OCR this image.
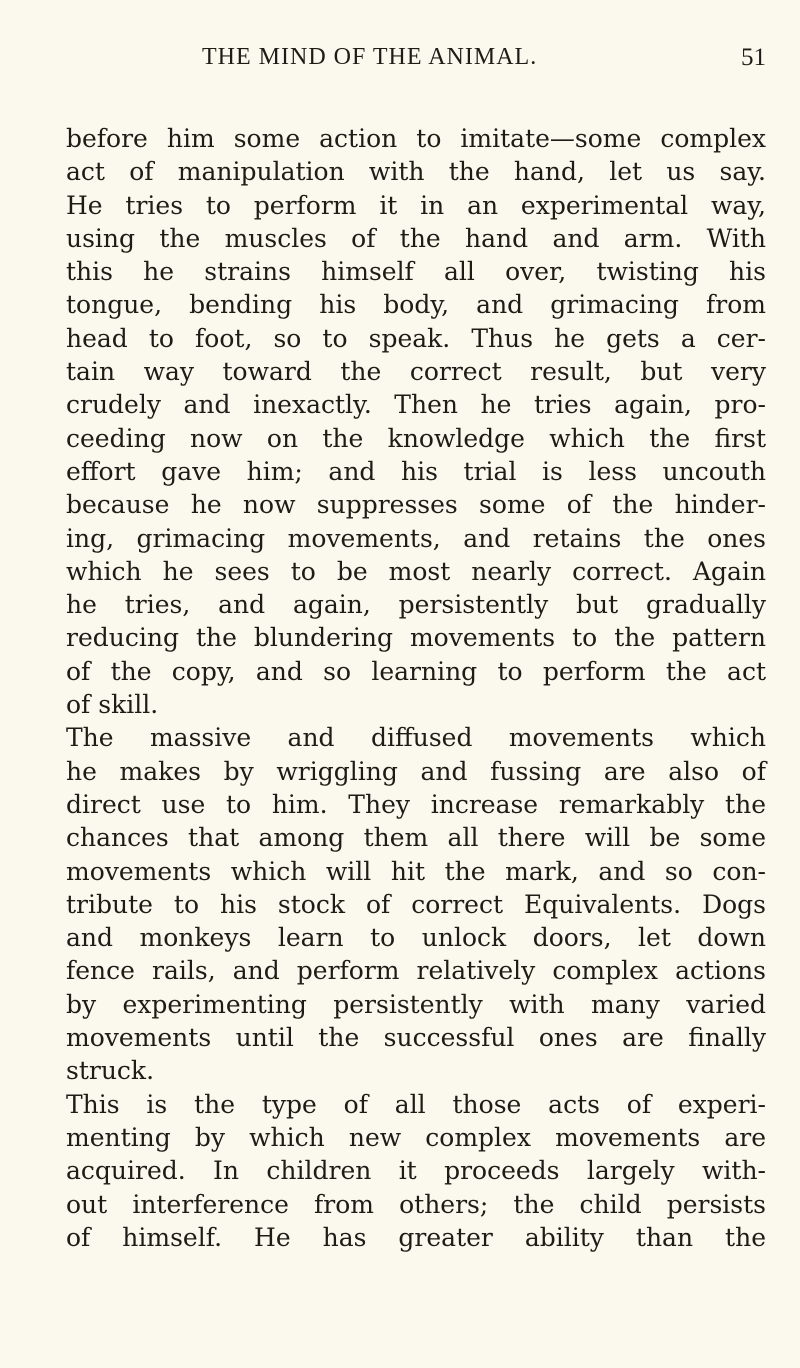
THE MIND OF THE ANIMAL.	51
before him some action to imitate—some complex
act of manipulation with the hand, let us say.
He tries to perform it in an experimental way,
using the muscles of the hand and arm. With
this he strains himself all over, twisting his
tongue, bending his body, and grimacing from
head to foot, so to speak. Thus he gets a cer-
tain way toward the correct result, but very
crudely and inexactly. Then he tries again, pro-
ceeding now on the knowledge which the first
effort gave him; and his trial is less uncouth
because he now suppresses some of the hinder-
ing, grimacing movements, and retains the ones
which he sees to be most nearly correct. Again
he tries, and again, persistently but gradually
reducing the blundering movements to the pattern
of the copy, and so learning to perform the act
of skill.
The massive and diffused movements which
he makes by wriggling and fussing are also of
direct use to him. They increase remarkably the
chances that among them all there will be some
movements which will hit the mark, and so con-
tribute to his stock of correct Equivalents. Dogs
and monkeys learn to unlock doors, let down
fence rails, and perform relatively complex actions
by experimenting persistently with many varied
movements until the successful ones are finally
struck.
This is the type of all those acts of experi-
menting by which new complex movements are
acquired. In children it proceeds largely with-
out interference from others; the child persists
of himself. He has greater ability than the
